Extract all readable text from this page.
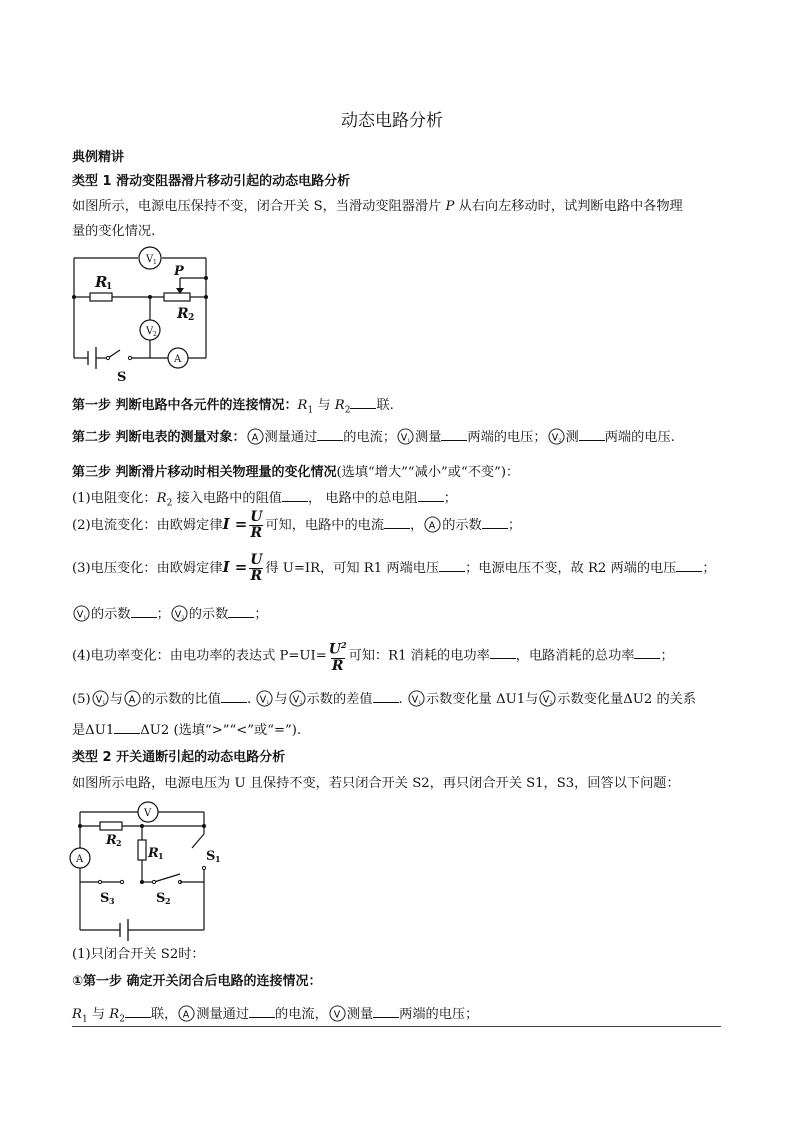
动态电路分析
典例精讲
类型 1 滑动变阻器滑片移动引起的动态电路分析
如图所示，电源电压保持不变，闭合开关 S，当滑动变阻器滑片 P 从右向左移动时，试判断电路中各物理
量的变化情况.
V 1
V 2
A
R
1
P
R 2
S
第一步 判断电路中各元件的连接情况：$R_1$ 与 $R_2$ 联.
第二步 判断电表的测量对象： A 测量通过 的电流； V 1 测量 两端的电压； V 2 测 两端的电压.
第三步 判断滑片移动时相关物理量的变化情况(选填“增大”“减小”或“不变”)：
(1)电阻变化：$R_2$ 接入电路中的阻值 ， 电路中的总电阻 ；
(2)电流变化：由欧姆定律$I = \frac{U}{R}$ 可知，电路中的电流 ， A 的示数 ；
(3)电压变化：由欧姆定律$I = \frac{U}{R}$ 得 U=IR，可知 R1 两端电压 ；电源电压不变，故 R2 两端的电压 ；
V 1 的示数 ； V 2 的示数 ；
(4)电功率变化：由电功率的表达式 $P=UI= \frac{U^2}{R}$ 可知：R1 消耗的电功率 ，电路消耗的总功率 ；
(5) V 1 与 A 的示数的比值 . V 1 与 V 2 示数的差值 . V 1 示数变化量 ΔU1与 V 2 示数变化量ΔU2 的关系
是ΔU1 ΔU2 (选填“>”“<”或“=”).
类型 2 开关通断引起的动态电路分析
如图所示电路，电源电压为 U 且保持不变，若只闭合开关 S2，再只闭合开关 S1，S3，回答以下问题：
V
A
R 2
R 1	S 1
S 3	S 2
(1)只闭合开关 S2时：
①第一步 确定开关闭合后电路的连接情况：
$R_1$ 与 $R_2$ 联， A 测量通过 的电流， V 测量 两端的电压；
